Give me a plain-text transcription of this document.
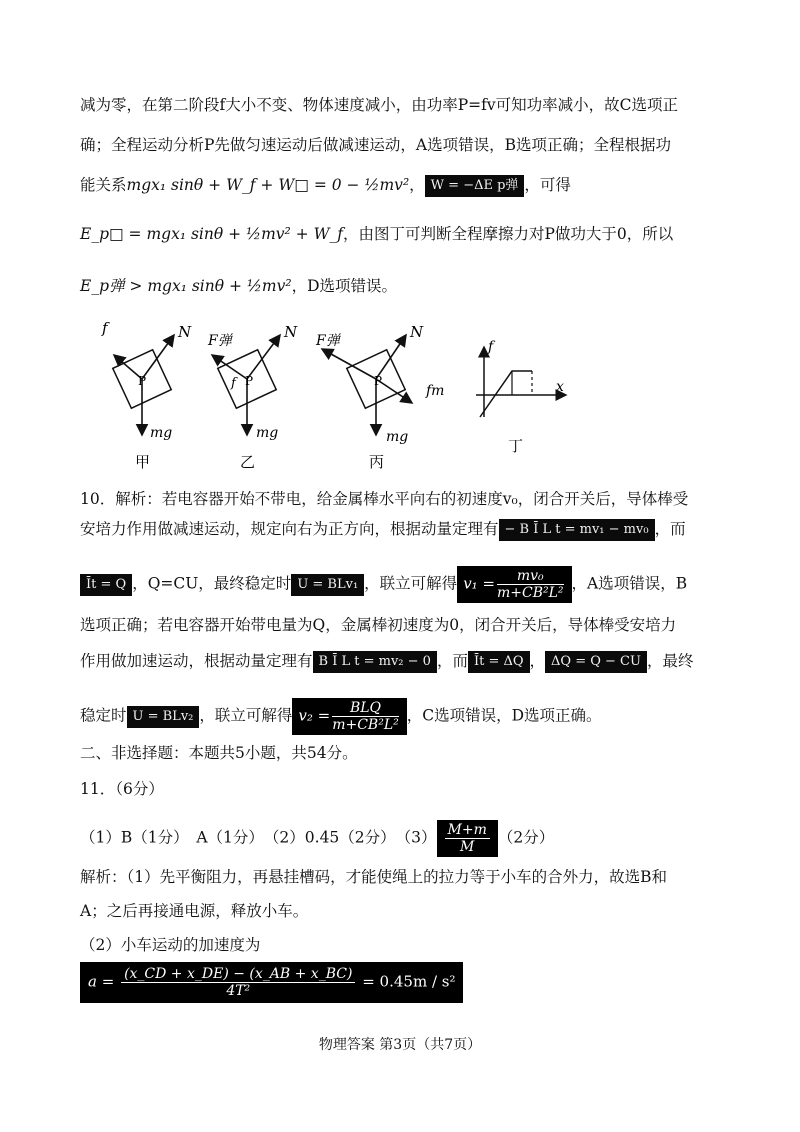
减为零，在第二阶段f大小不变、物体速度减小，由功率P=fv可知功率减小，故C选项正
确；全程运动分析P先做匀速运动后做减速运动，A选项错误，B选项正确；全程根据功
能关系mgx₁ sinθ + W_f + W□ = 0 − ½mv²， W = −ΔE p弹 ，可得
E_p□ = mgx₁ sinθ + ½mv² + W_f，由图丁可判断全程摩擦力对P做功大于0，所以
E_p弹 > mgx₁ sinθ + ½mv²，D选项错误。
f	N
P
mg
F弹	N
f P
mg
F弹	N
P
fm
mg
f
x
甲	乙	丙
丁
10．解析：若电容器开始不带电，给金属棒水平向右的初速度v₀，闭合开关后，导体棒受
安培力作用做减速运动，规定向右为正方向，根据动量定理有 − B Ī L t = mv₁ − mv₀ ，而
Īt = Q ，Q=CU，最终稳定时 U = BLv₁ ，联立可解得 $v_1 = \frac{\text{mv₀}}{\text{m+CB²L²}}$ ，A选项错误，B
选项正确；若电容器开始带电量为Q，金属棒初速度为0，闭合开关后，导体棒受安培力
作用做加速运动，根据动量定理有 B Ī L t = mv₂ − 0 ，而 Īt = ΔQ ， ΔQ = Q − CU ，最终
稳定时 U = BLv₂ ，联立可解得 $v_2 = \frac{\text{BLQ}}{\text{m+CB²L²}}$ ，C选项错误，D选项正确。
二、非选择题：本题共5小题，共54分。
11．（6分）
（1）B（1分）　A（1分）　（2）0.45（2分）　$(3) \frac{M+m}{M} (2$分）
解析：（1）先平衡阻力，再悬挂槽码，才能使绳上的拉力等于小车的合外力，故选B和
A；之后再接通电源，释放小车。
（2）小车运动的加速度为
$a = \frac{(x\_CD + x\_DE) - (x\_AB + x\_BC)}{\text{4T²}} = 0.45m / s^2$
物理答案 第3页（共7页）
